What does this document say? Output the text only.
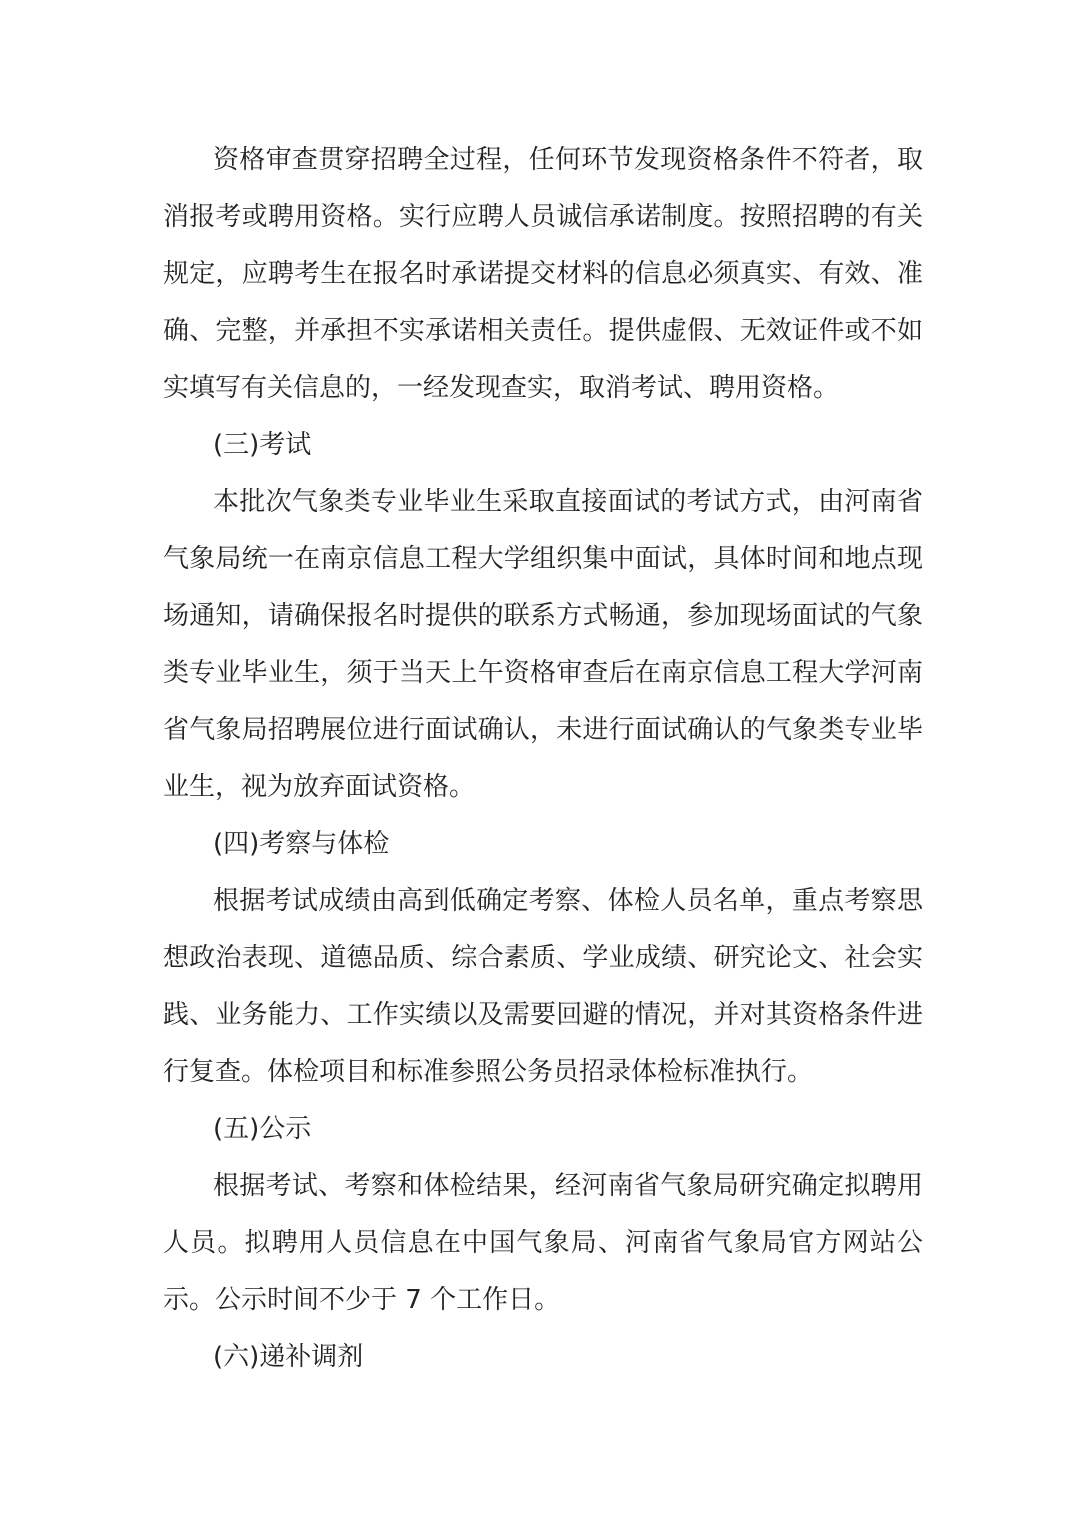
资格审查贯穿招聘全过程，任何环节发现资格条件不符者，取消报考或聘用资格。实行应聘人员诚信承诺制度。按照招聘的有关规定，应聘考生在报名时承诺提交材料的信息必须真实、有效、准确、完整，并承担不实承诺相关责任。提供虚假、无效证件或不如实填写有关信息的，一经发现查实，取消考试、聘用资格。

(三)考试

本批次气象类专业毕业生采取直接面试的考试方式，由河南省气象局统一在南京信息工程大学组织集中面试，具体时间和地点现场通知，请确保报名时提供的联系方式畅通，参加现场面试的气象类专业毕业生，须于当天上午资格审查后在南京信息工程大学河南省气象局招聘展位进行面试确认，未进行面试确认的气象类专业毕业生，视为放弃面试资格。

(四)考察与体检

根据考试成绩由高到低确定考察、体检人员名单，重点考察思想政治表现、道德品质、综合素质、学业成绩、研究论文、社会实践、业务能力、工作实绩以及需要回避的情况，并对其资格条件进行复查。体检项目和标准参照公务员招录体检标准执行。

(五)公示

根据考试、考察和体检结果，经河南省气象局研究确定拟聘用人员。拟聘用人员信息在中国气象局、河南省气象局官方网站公示。公示时间不少于 7 个工作日。

(六)递补调剂
